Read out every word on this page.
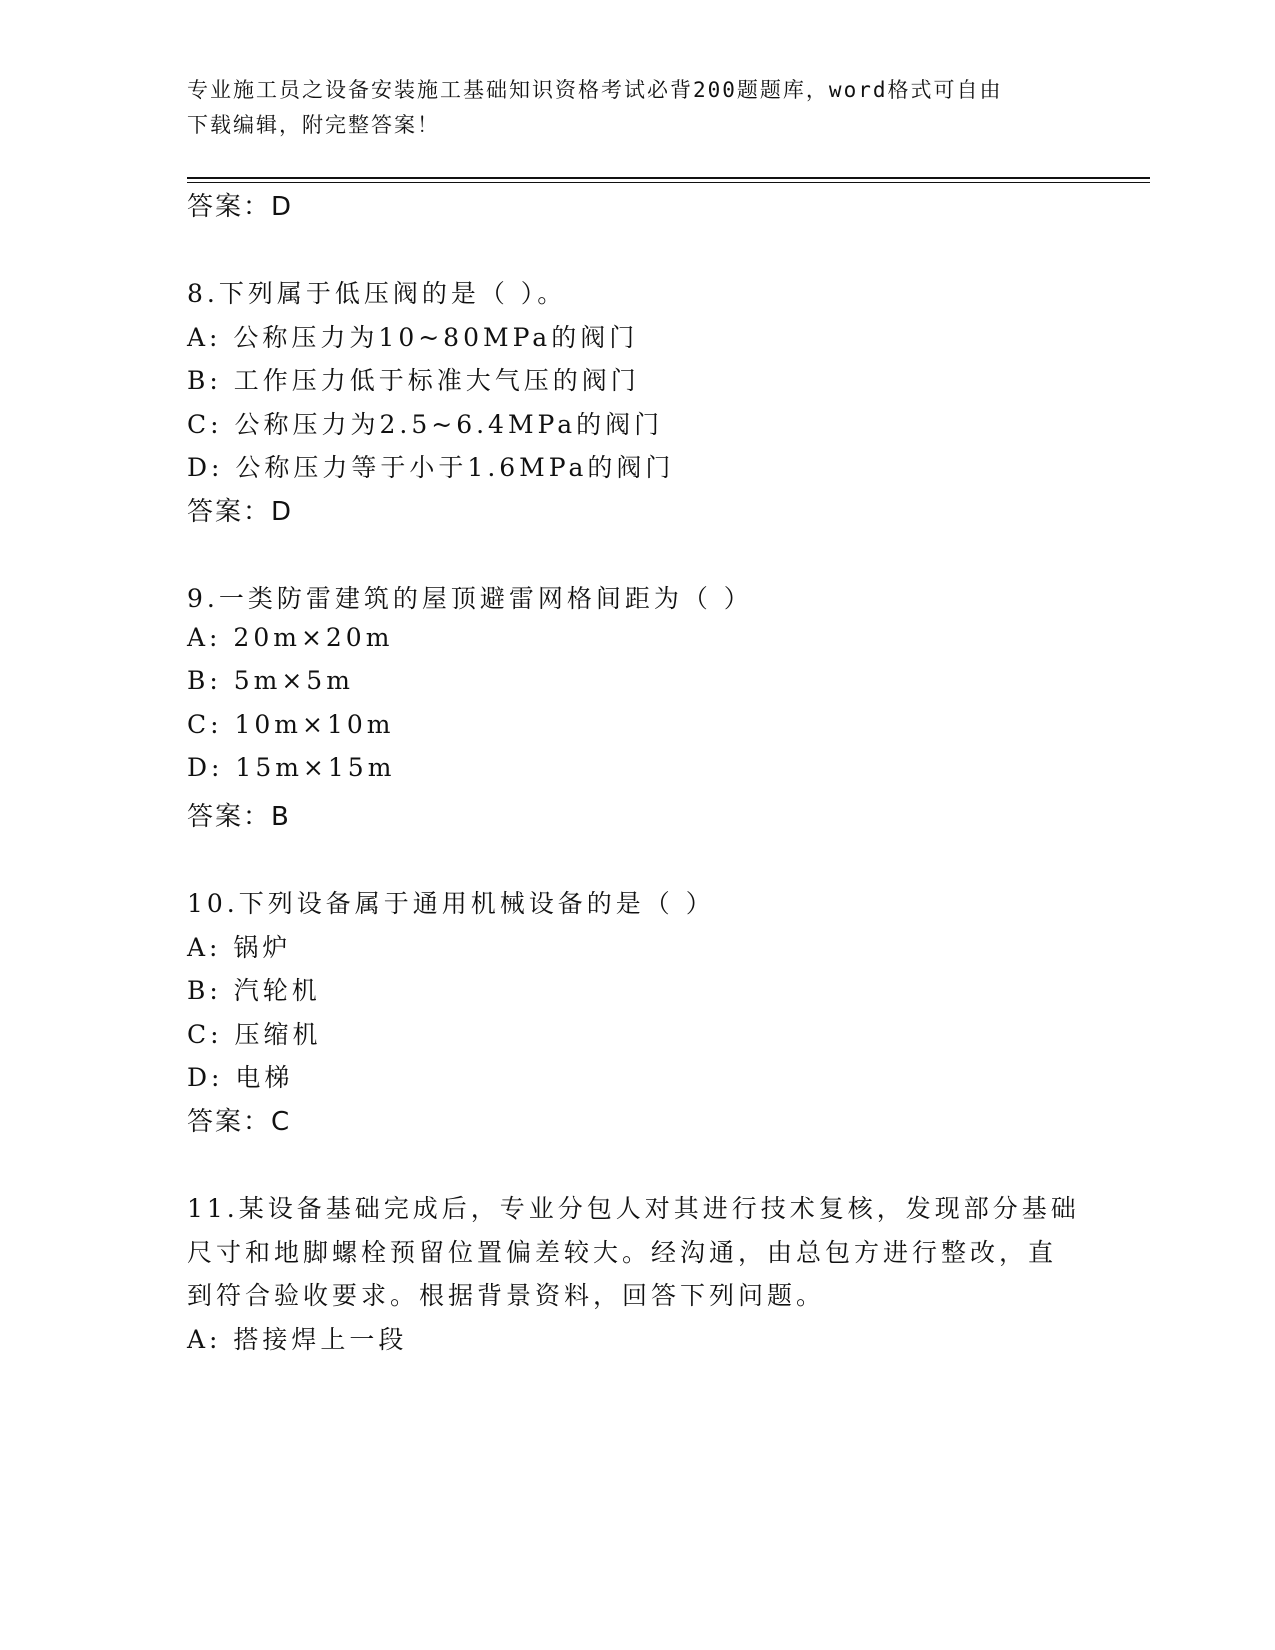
专业施工员之设备安装施工基础知识资格考试必背200题题库，word格式可自由
下载编辑，附完整答案！
答案：D
8.下列属于低压阀的是（ ）。
A: 公称压力为10~80MPa的阀门
B: 工作压力低于标准大气压的阀门
C: 公称压力为2.5~6.4MPa的阀门
D: 公称压力等于小于1.6MPa的阀门
答案：D
9.一类防雷建筑的屋顶避雷网格间距为（ ）
A: 20m×20m
B: 5m×5m
C: 10m×10m
D: 15m×15m
答案：B
10.下列设备属于通用机械设备的是（ ）
A: 锅炉
B: 汽轮机
C: 压缩机
D: 电梯
答案：C
11.某设备基础完成后，专业分包人对其进行技术复核，发现部分基础
尺寸和地脚螺栓预留位置偏差较大。经沟通，由总包方进行整改，直
到符合验收要求。根据背景资料，回答下列问题。
A: 搭接焊上一段
